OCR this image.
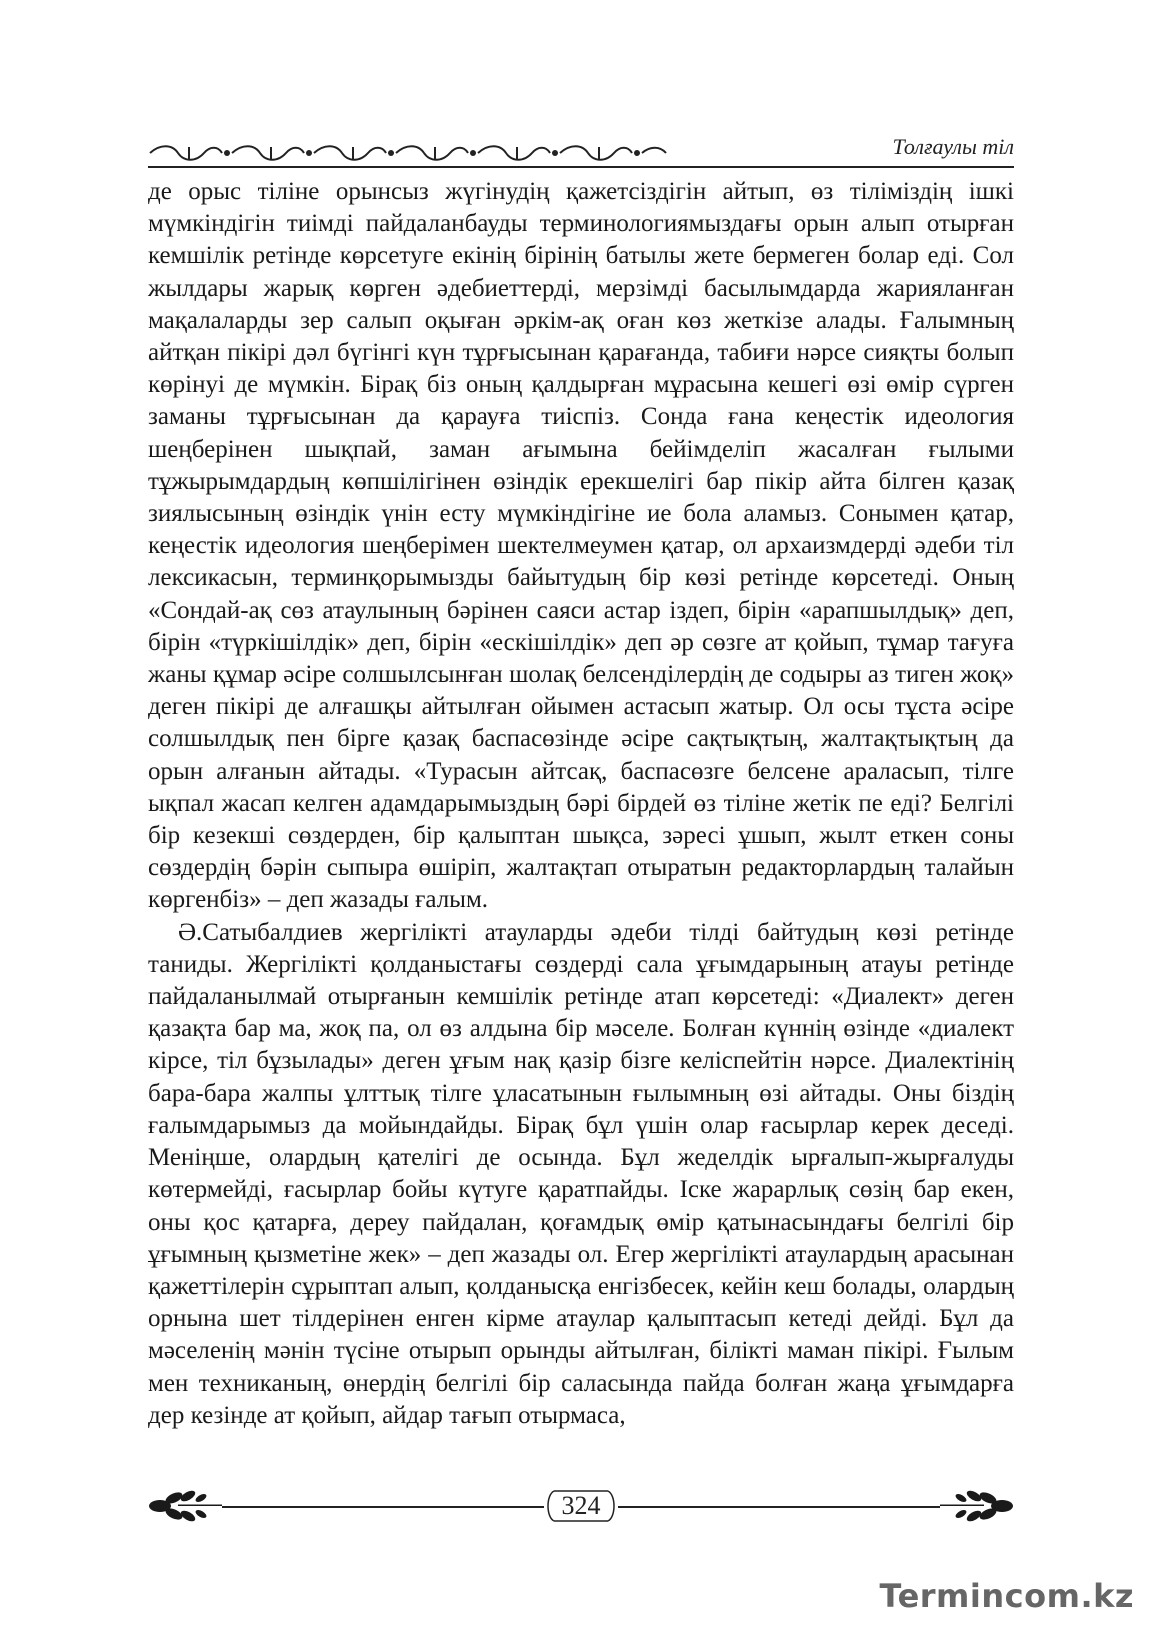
Толғаулы тіл

де орыс тіліне орынсыз жүгінудің қажетсіздігін айтып, өз тіліміздің ішкі мүмкіндігін тиімді пайдаланбауды терминологиямыздағы орын алып отырған кемшілік ретінде көрсетуге екінің бірінің батылы жете бермеген болар еді. Сол жылдары жарық көрген әдебиеттерді, мерзімді басылымдарда жарияланған мақалаларды зер салып оқыған әркім-ақ оған көз жеткізе алады. Ғалымның айтқан пікірі дәл бүгінгі күн тұрғысынан қарағанда, табиғи нәрсе сияқты болып көрінуі де мүмкін. Бірақ біз оның қалдырған мұрасына кешегі өзі өмір сүрген заманы тұрғысынан да қарауға тиіспіз. Сонда ғана кеңестік идеология шеңберінен шықпай, заман ағымына бейімделіп жасалған ғылыми тұжырымдардың көпшілігінен өзіндік ерекшелігі бар пікір айта білген қазақ зиялысының өзіндік үнін есту мүмкіндігіне ие бола аламыз. Сонымен қатар, кеңестік идеология шеңберімен шектелмеумен қатар, ол архаизмдерді әдеби тіл лексикасын, терминқорымызды байытудың бір көзі ретінде көрсетеді. Оның «Сондай-ақ сөз атаулының бәрінен саяси астар іздеп, бірін «арапшылдық» деп, бірін «түркішілдік» деп, бірін «ескішілдік» деп әр сөзге ат қойып, тұмар тағуға жаны құмар әсіре солшылсынған шолақ белсенділердің де содыры аз тиген жоқ» деген пікірі де алғашқы айтылған ойымен астасып жатыр. Ол осы тұста әсіре солшылдық пен бірге қазақ баспасөзінде әсіре сақтықтың, жалтақтықтың да орын алғанын айтады. «Турасын айтсақ, баспасөзге белсене араласып, тілге ықпал жасап келген адамдарымыздың бәрі бірдей өз тіліне жетік пе еді? Белгілі бір кезекші сөздерден, бір қалыптан шықса, зәресі ұшып, жылт еткен соны сөздердің бәрін сыпыра өшіріп, жалтақтап отыратын редакторлардың талайын көргенбіз» – деп жазады ғалым.

Ә.Сатыбалдиев жергілікті атауларды әдеби тілді байтудың көзі ретінде таниды. Жергілікті қолданыстағы сөздерді сала ұғымдарының атауы ретінде пайдаланылмай отырғанын кемшілік ретінде атап көрсетеді: «Диалект» деген қазақта бар ма, жоқ па, ол өз алдына бір мәселе. Болған күннің өзінде «диалект кірсе, тіл бұзылады» деген ұғым нақ қазір бізге келіспейтін нәрсе. Диалектінің бара-бара жалпы ұлттық тілге ұласатынын ғылымның өзі айтады. Оны біздің ғалымдарымыз да мойындайды. Бірақ бұл үшін олар ғасырлар керек деседі. Меніңше, олардың қателігі де осында. Бұл жеделдік ырғалып-жырғалуды көтермейді, ғасырлар бойы күтуге қаратпайды. Іске жарарлық сөзің бар екен, оны қос қатарға, дереу пайдалан, қоғамдық өмір қатынасындағы белгілі бір ұғымның қызметіне жек» – деп жазады ол. Егер жергілікті атаулардың арасынан қажеттілерін сұрыптап алып, қолданысқа енгізбесек, кейін кеш болады, олардың орнына шет тілдерінен енген кірме атаулар қалыптасып кетеді дейді. Бұл да мәселенің мәнін түсіне отырып орынды айтылған, білікті маман пікірі. Ғылым мен техниканың, өнердің белгілі бір саласында пайда болған жаңа ұғымдарға дер кезінде ат қойып, айдар тағып отырмаса,

324
Termincom.kz
